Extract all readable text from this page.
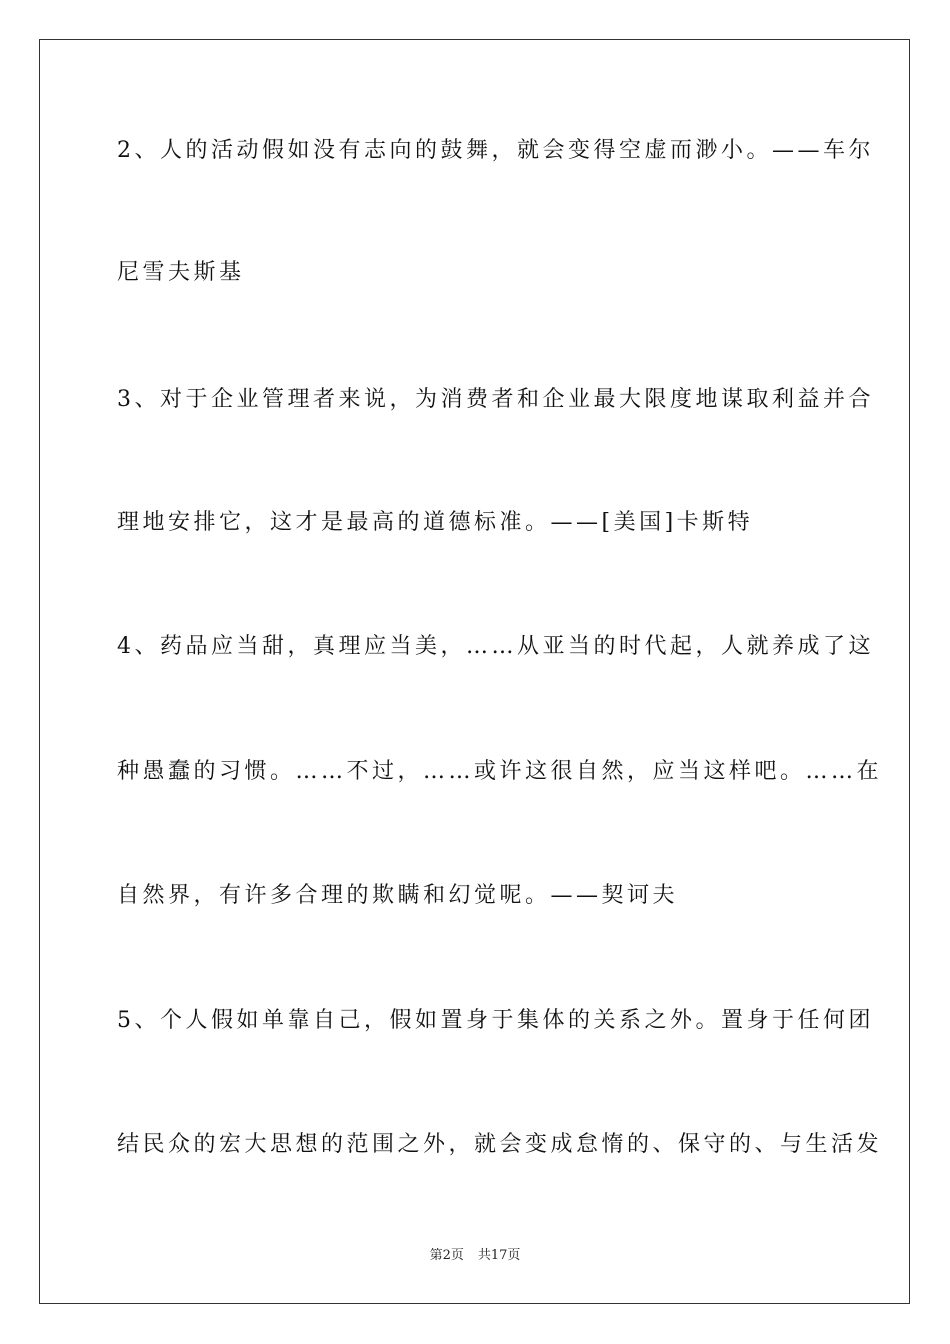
2、人的活动假如没有志向的鼓舞，就会变得空虚而渺小。——车尔
尼雪夫斯基
3、对于企业管理者来说，为消费者和企业最大限度地谋取利益并合
理地安排它，这才是最高的道德标准。——[美国]卡斯特
4、药品应当甜，真理应当美，……从亚当的时代起，人就养成了这
种愚蠢的习惯。……不过，……或许这很自然，应当这样吧。……在
自然界，有许多合理的欺瞒和幻觉呢。——契诃夫
5、个人假如单靠自己，假如置身于集体的关系之外。置身于任何团
结民众的宏大思想的范围之外，就会变成怠惰的、保守的、与生活发
第2页 共17页
